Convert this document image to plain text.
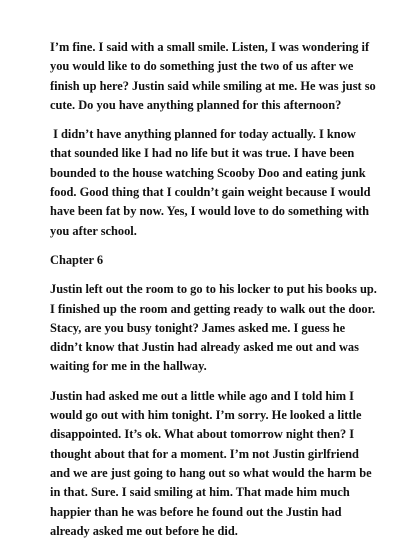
I’m fine. I said with a small smile. Listen, I was wondering if you would like to do something just the two of us after we finish up here? Justin said while smiling at me. He was just so cute. Do you have anything planned for this afternoon?

I didn’t have anything planned for today actually. I know that sounded like I had no life but it was true. I have been bounded to the house watching Scooby Doo and eating junk food. Good thing that I couldn’t gain weight because I would have been fat by now. Yes, I would love to do something with you after school.

Chapter 6

Justin left out the room to go to his locker to put his books up. I finished up the room and getting ready to walk out the door. Stacy, are you busy tonight? James asked me. I guess he didn’t know that Justin had already asked me out and was waiting for me in the hallway.

Justin had asked me out a little while ago and I told him I would go out with him tonight. I’m sorry. He looked a little disappointed. It’s ok. What about tomorrow night then? I thought about that for a moment. I’m not Justin girlfriend and we are just going to hang out so what would the harm be in that. Sure. I said smiling at him. That made him much happier than he was before he found out the Justin had already asked me out before he did.
